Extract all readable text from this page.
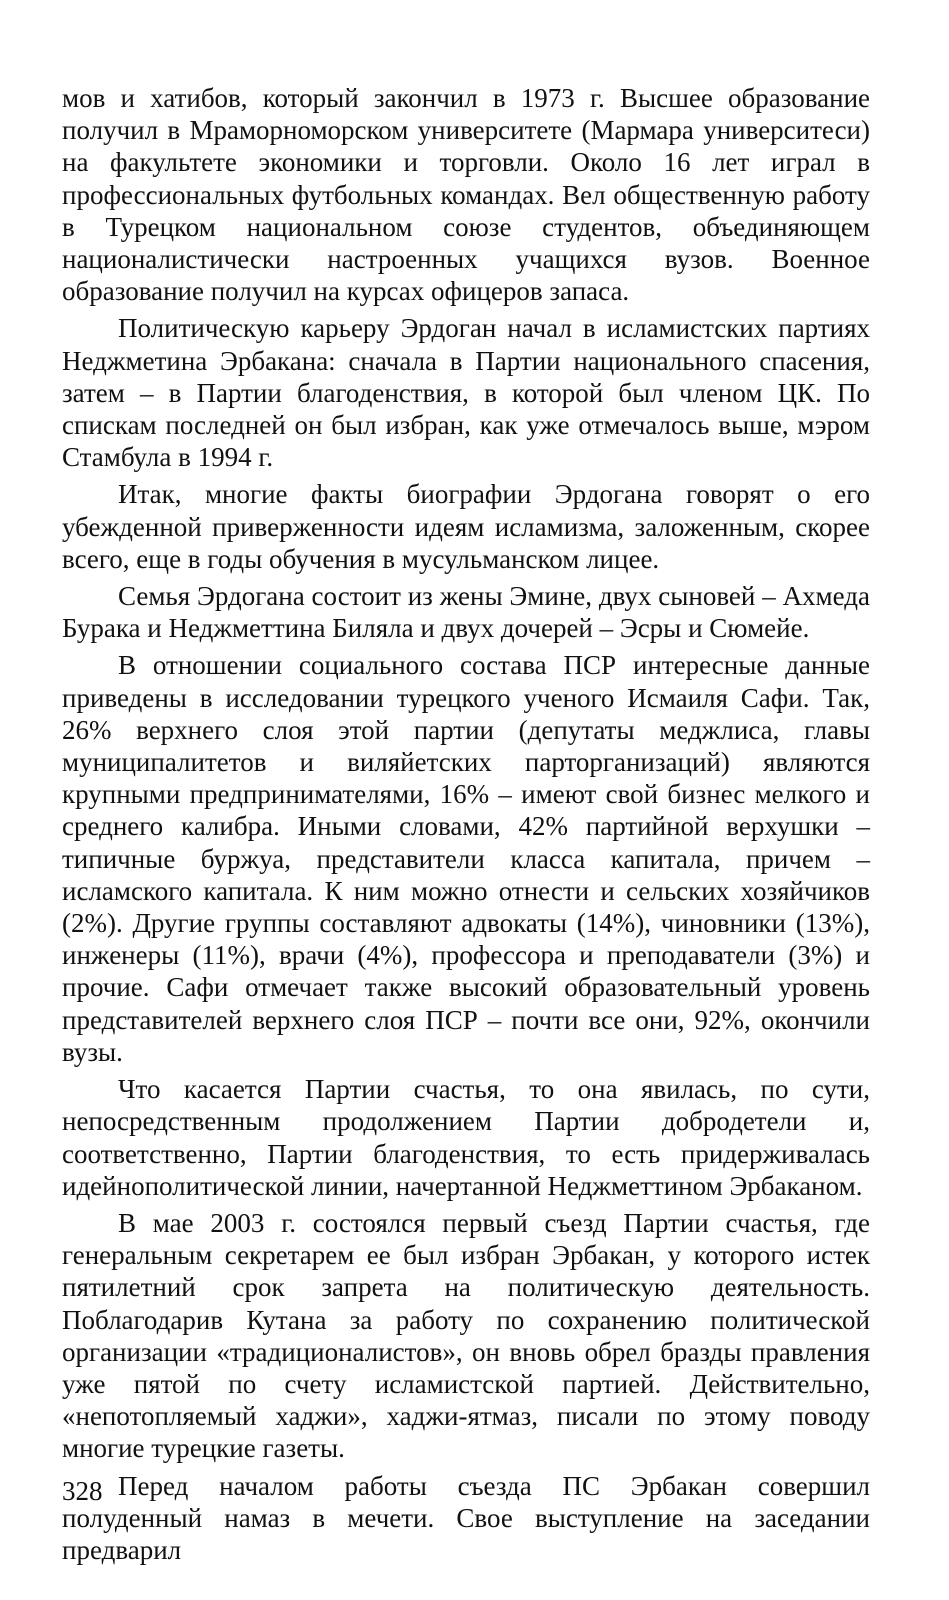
мов и хатибов, который закончил в 1973 г. Высшее образование получил в Мраморноморском университете (Мармара университеси) на факультете экономики и торговли. Около 16 лет играл в профессиональных футбольных командах. Вел общественную работу в Турецком национальном союзе студентов, объединяющем националистически настроенных учащихся вузов. Военное образование получил на курсах офицеров запаса.

Политическую карьеру Эрдоган начал в исламистских партиях Неджметина Эрбакана: сначала в Партии национального спасения, затем – в Партии благоденствия, в которой был членом ЦК. По спискам последней он был избран, как уже отмечалось выше, мэром Стамбула в 1994 г.

Итак, многие факты биографии Эрдогана говорят о его убежденной приверженности идеям исламизма, заложенным, скорее всего, еще в годы обучения в мусульманском лицее.

Семья Эрдогана состоит из жены Эмине, двух сыновей – Ахмеда Бурака и Неджметтина Биляла и двух дочерей – Эсры и Сюмейе.

В отношении социального состава ПСР интересные данные приведены в исследовании турецкого ученого Исмаиля Сафи. Так, 26% верхнего слоя этой партии (депутаты меджлиса, главы муниципалитетов и виляйетских парторганизаций) являются крупными предпринимателями, 16% – имеют свой бизнес мелкого и среднего калибра. Иными словами, 42% партийной верхушки – типичные буржуа, представители класса капитала, причем – исламского капитала. К ним можно отнести и сельских хозяйчиков (2%). Другие группы составляют адвокаты (14%), чиновники (13%), инженеры (11%), врачи (4%), профессора и преподаватели (3%) и прочие. Сафи отмечает также высокий образовательный уровень представителей верхнего слоя ПСР – почти все они, 92%, окончили вузы.

Что касается Партии счастья, то она явилась, по сути, непосредственным продолжением Партии добродетели и, соответственно, Партии благоденствия, то есть придерживалась идейнополитической линии, начертанной Неджметтином Эрбаканом.

В мае 2003 г. состоялся первый съезд Партии счастья, где генеральным секретарем ее был избран Эрбакан, у которого истек пятилетний срок запрета на политическую деятельность. Поблагодарив Кутана за работу по сохранению политической организации «традиционалистов», он вновь обрел бразды правления уже пятой по счету исламистской партией. Действительно, «непотопляемый хаджи», хаджи-ятмаз, писали по этому поводу многие турецкие газеты.

Перед началом работы съезда ПС Эрбакан совершил полуденный намаз в мечети. Свое выступление на заседании предварил

328
